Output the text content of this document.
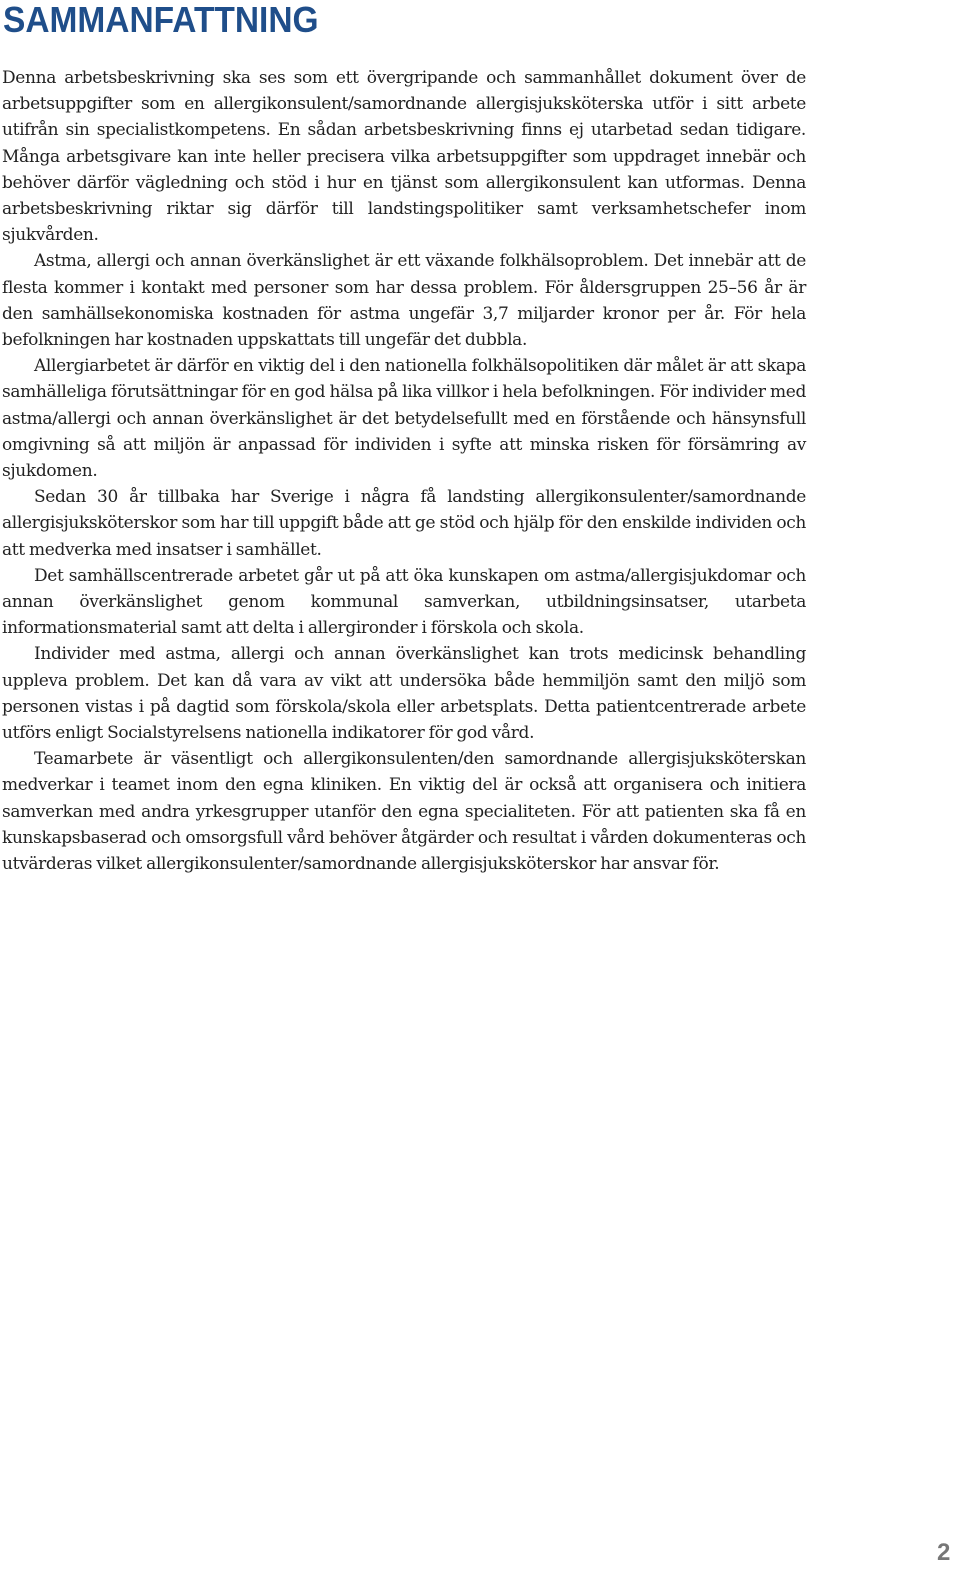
SAMMANFATTNING

Denna arbetsbeskrivning ska ses som ett övergripande och sammanhållet dokument över de arbetsuppgifter som en allergikonsulent/samordnande allergisjuksköterska utför i sitt arbete utifrån sin specialistkompetens. En sådan arbetsbeskrivning finns ej utarbetad sedan tidigare. Många arbetsgivare kan inte heller precisera vilka arbetsuppgifter som uppdraget innebär och behöver därför vägledning och stöd i hur en tjänst som allergikonsulent kan utformas. Denna arbetsbeskrivning riktar sig därför till landstingspolitiker samt verksamhetschefer inom sjukvården.

Astma, allergi och annan överkänslighet är ett växande folkhälsoproblem. Det innebär att de flesta kommer i kontakt med personer som har dessa problem. För åldersgruppen 25–56 år är den samhällsekonomiska kostnaden för astma ungefär 3,7 miljarder kronor per år. För hela befolkningen har kostnaden uppskattats till ungefär det dubbla.

Allergiarbetet är därför en viktig del i den nationella folkhälsopolitiken där målet är att skapa samhälleliga förutsättningar för en god hälsa på lika villkor i hela befolkningen. För individer med astma/allergi och annan överkänslighet är det betydelsefullt med en förstående och hänsynsfull omgivning så att miljön är anpassad för individen i syfte att minska risken för försämring av sjukdomen.

Sedan 30 år tillbaka har Sverige i några få landsting allergikonsulenter/samordnande allergisjuksköterskor som har till uppgift både att ge stöd och hjälp för den enskilde individen och att medverka med insatser i samhället.

Det samhällscentrerade arbetet går ut på att öka kunskapen om astma/allergisjukdomar och annan överkänslighet genom kommunal samverkan, utbildningsinsatser, utarbeta informationsmaterial samt att delta i allergironder i förskola och skola.

Individer med astma, allergi och annan överkänslighet kan trots medicinsk behandling uppleva problem. Det kan då vara av vikt att undersöka både hemmiljön samt den miljö som personen vistas i på dagtid som förskola/skola eller arbetsplats. Detta patientcentrerade arbete utförs enligt Socialstyrelsens nationella indikatorer för god vård.

Teamarbete är väsentligt och allergikonsulenten/den samordnande allergisjuksköterskan medverkar i teamet inom den egna kliniken. En viktig del är också att organisera och initiera samverkan med andra yrkesgrupper utanför den egna specialiteten. För att patienten ska få en kunskapsbaserad och omsorgsfull vård behöver åtgärder och resultat i vården dokumenteras och utvärderas vilket allergikonsulenter/samordnande allergisjuksköterskor har ansvar för.

2
